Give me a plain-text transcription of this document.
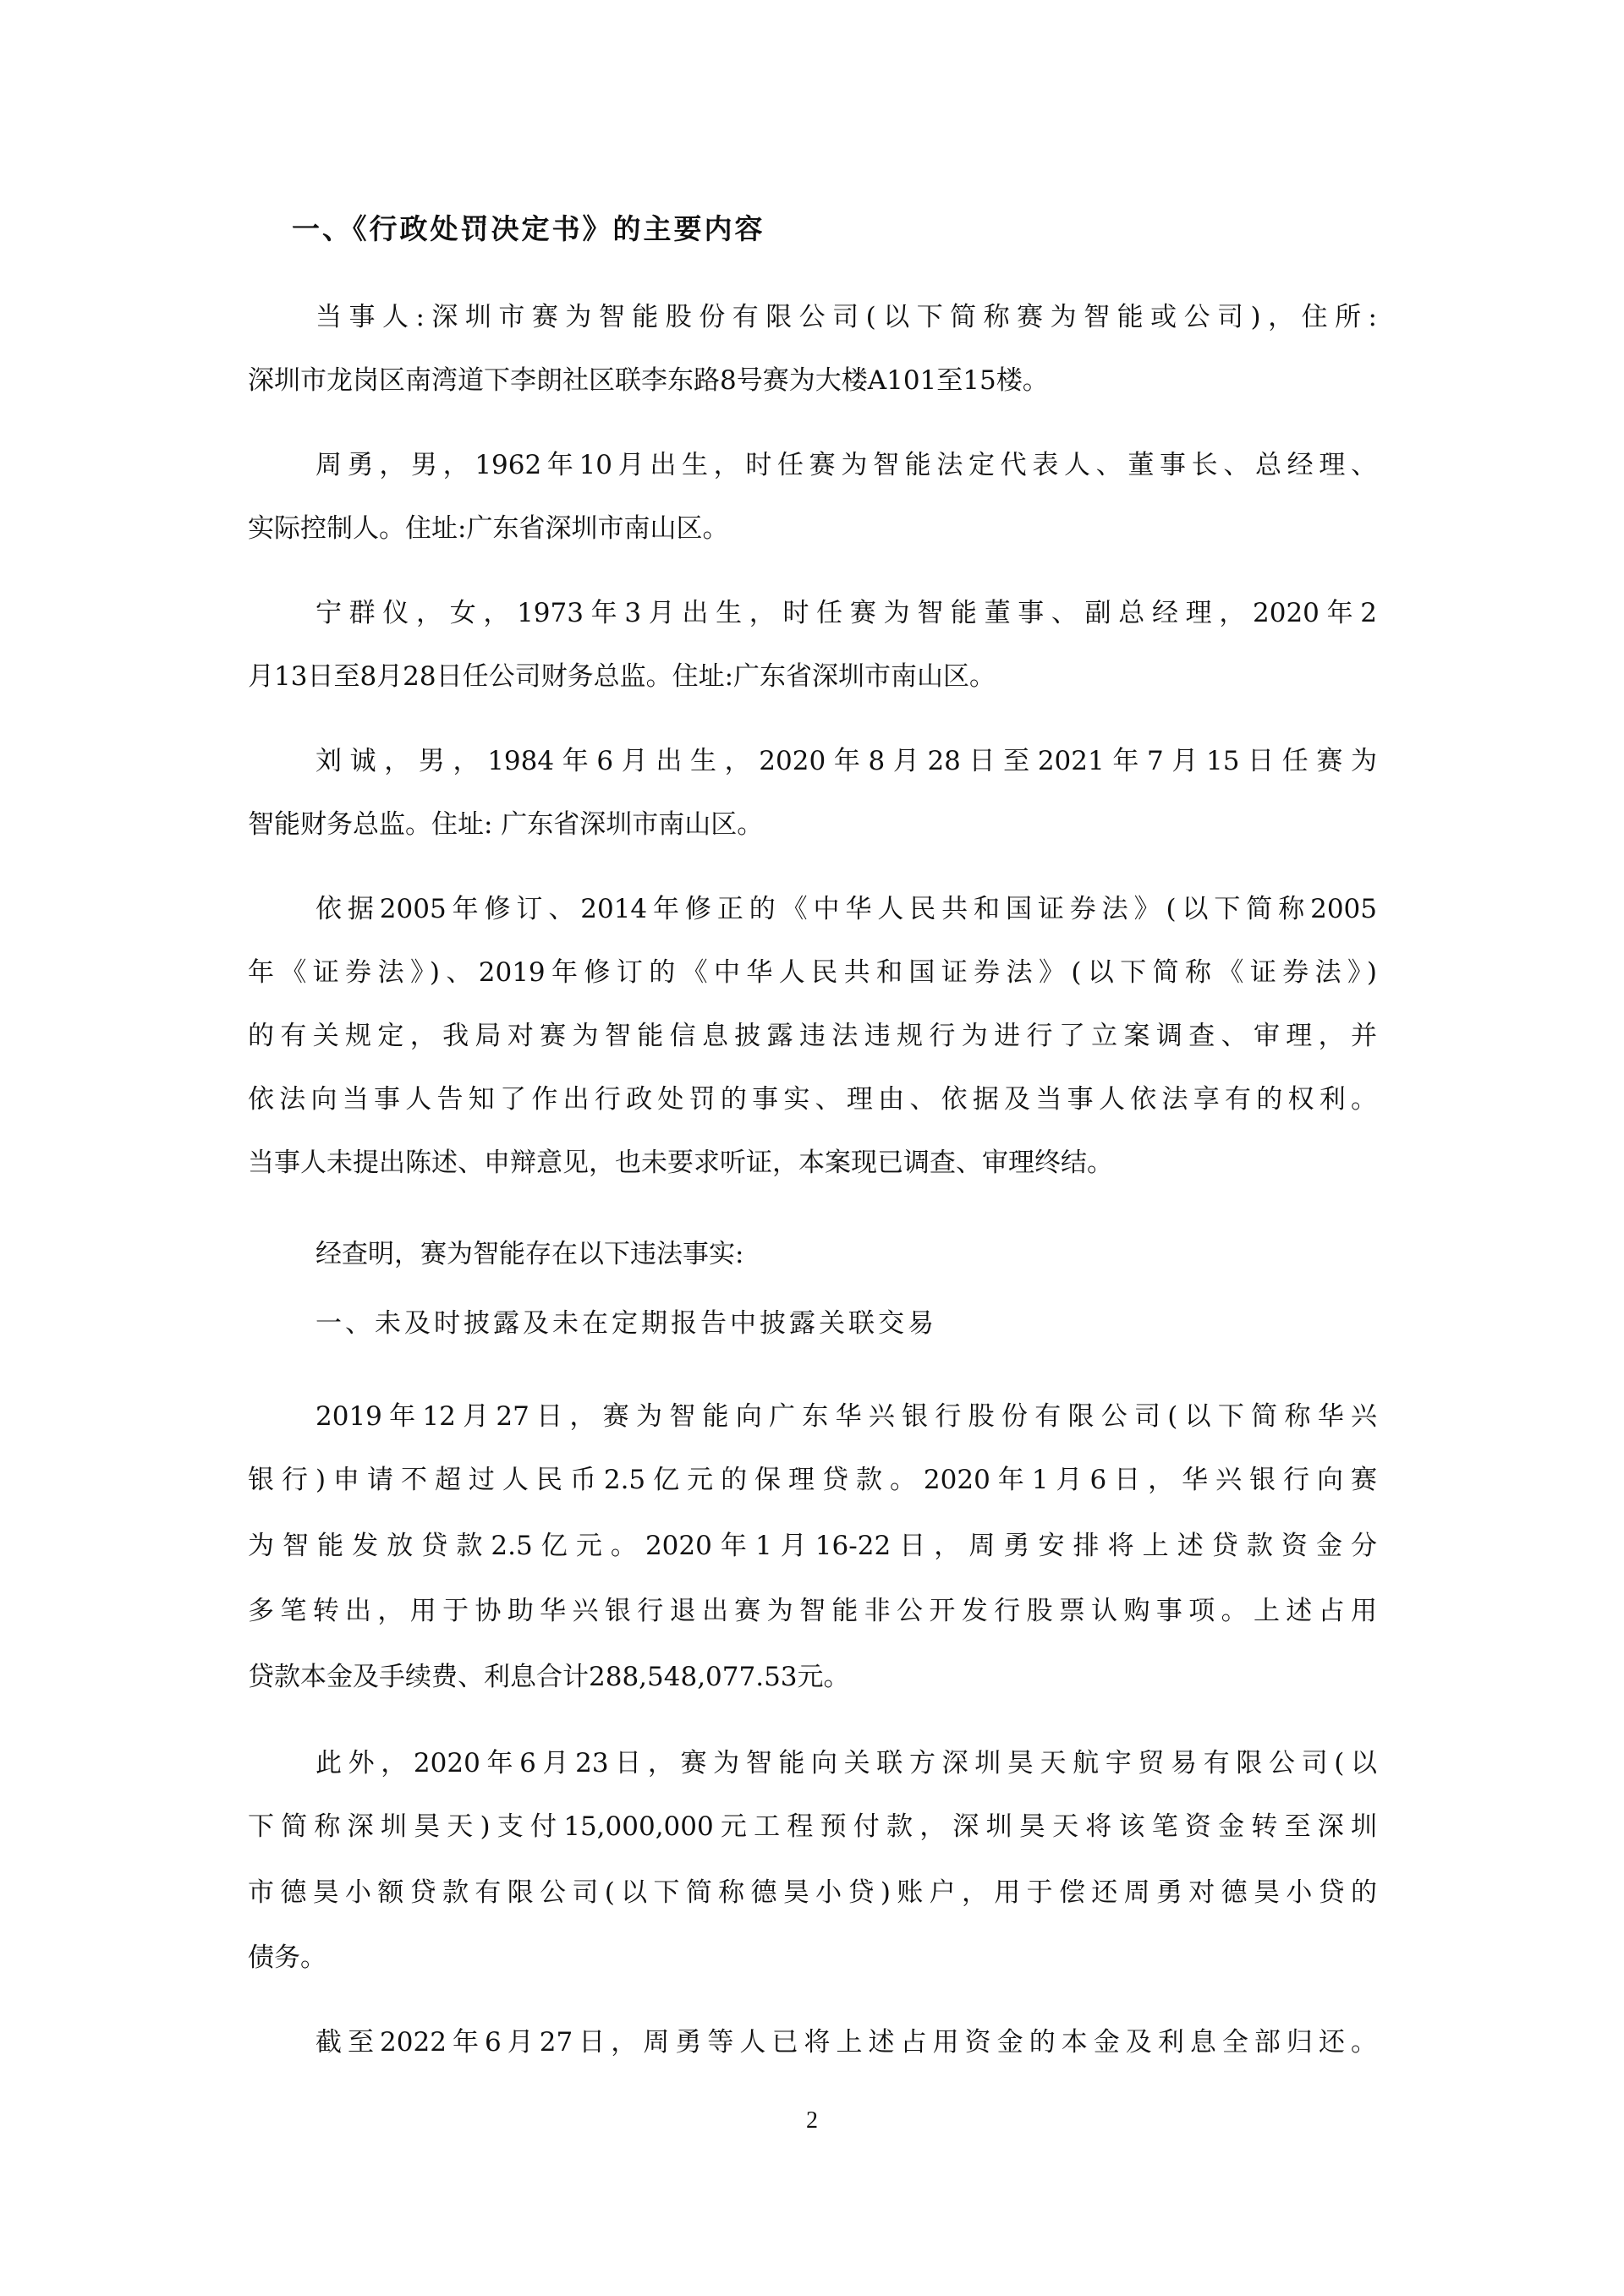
一、《行政处罚决定书》的主要内容
当事人:深圳市赛为智能股份有限公司(以下简称赛为智能或公司)，住所:
深圳市龙岗区南湾道下李朗社区联李东路8号赛为大楼A101至15楼。
周勇，男，1962年10月出生，时任赛为智能法定代表人、董事长、总经理、
实际控制人。住址:广东省深圳市南山区。
宁群仪，女，1973年3月出生，时任赛为智能董事、副总经理，2020年2
月13日至8月28日任公司财务总监。住址:广东省深圳市南山区。
刘诚，男，1984年6月出生，2020年8月28日至2021年7月15日任赛为
智能财务总监。住址: 广东省深圳市南山区。
依据2005年修订、2014年修正的《中华人民共和国证券法》(以下简称2005
年《证券法》)、2019年修订的《中华人民共和国证券法》(以下简称《证券法》)
的有关规定，我局对赛为智能信息披露违法违规行为进行了立案调查、审理，并
依法向当事人告知了作出行政处罚的事实、理由、依据及当事人依法享有的权利。
当事人未提出陈述、申辩意见，也未要求听证，本案现已调查、审理终结。
经查明，赛为智能存在以下违法事实:
一、未及时披露及未在定期报告中披露关联交易
2019年12月27日，赛为智能向广东华兴银行股份有限公司(以下简称华兴
银行)申请不超过人民币2.5亿元的保理贷款。2020年1月6日，华兴银行向赛
为智能发放贷款2.5亿元。2020年1月16-22日，周勇安排将上述贷款资金分
多笔转出，用于协助华兴银行退出赛为智能非公开发行股票认购事项。上述占用
贷款本金及手续费、利息合计288,548,077.53元。
此外，2020年6月23日，赛为智能向关联方深圳昊天航宇贸易有限公司(以
下简称深圳昊天)支付15,000,000元工程预付款，深圳昊天将该笔资金转至深圳
市德昊小额贷款有限公司(以下简称德昊小贷)账户，用于偿还周勇对德昊小贷的
债务。
截至2022年6月27日，周勇等人已将上述占用资金的本金及利息全部归还。
2
